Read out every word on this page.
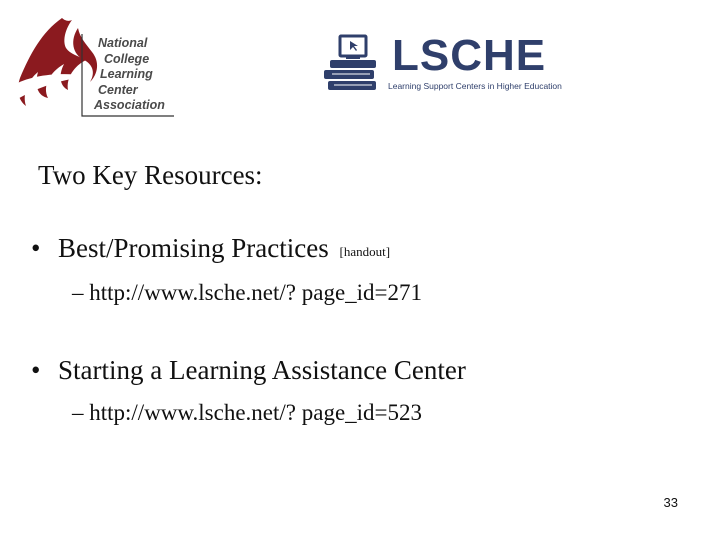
National
College
Learning
Center
Association
LSCHE
Learning Support Centers in Higher Education
Two Key Resources:
• Best/Promising Practices [handout]
– http://www.lsche.net/? page_id=271
• Starting a Learning Assistance Center
– http://www.lsche.net/? page_id=523
33
